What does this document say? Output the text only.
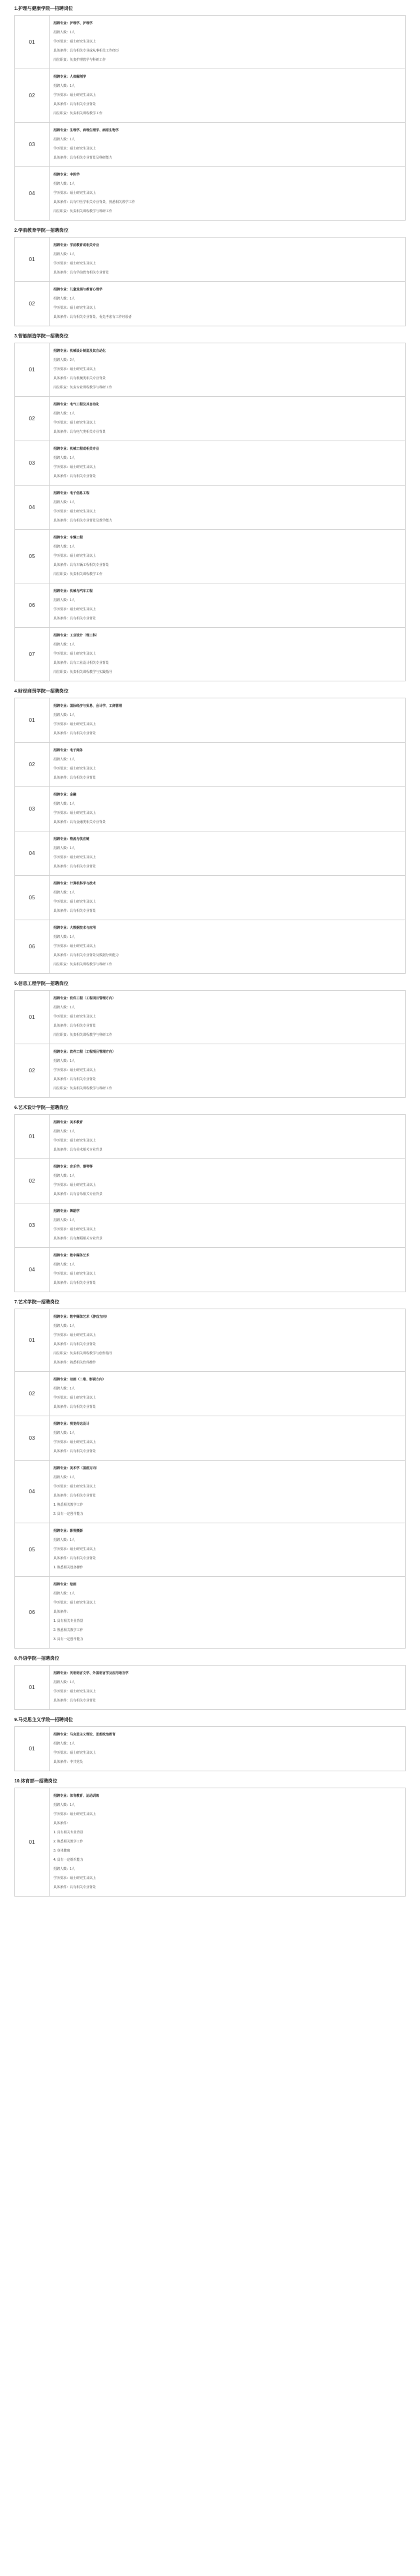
1.护理与健康学院—招聘岗位
01
招聘专业：护理学、护理学
招聘人数：1人
学历要求：硕士研究生及以上
具体条件：具有相关专业或从事相关工作经历
岗位职责：负责护理教学与科研工作
02
招聘专业：人体解剖学
招聘人数：1人
学历要求：硕士研究生及以上
具体条件：具有相关专业背景
岗位职责：负责相关课程教学工作
03
招聘专业：生理学、病理生理学、病原生物学
招聘人数：1人
学历要求：硕士研究生及以上
具体条件：具有相关专业背景及科研能力
04
招聘专业：中医学
招聘人数：1人
学历要求：硕士研究生及以上
具体条件：具有中医学相关专业背景，熟悉相关教学工作
岗位职责：负责相关课程教学与科研工作
2.学前教育学院—招聘岗位
01
招聘专业：学前教育或相关专业
招聘人数：1人
学历要求：硕士研究生及以上
具体条件：具有学前教育相关专业背景
02
招聘专业：儿童发展与教育心理学
招聘人数：1人
学历要求：硕士研究生及以上
具体条件：具有相关专业背景，优先考虑有工作经验者
3.智能制造学院—招聘岗位
01
招聘专业：机械设计制造及其自动化
招聘人数：2人
学历要求：硕士研究生及以上
具体条件：具有机械类相关专业背景
岗位职责：负责专业课程教学与科研工作
02
招聘专业：电气工程及其自动化
招聘人数：1人
学历要求：硕士研究生及以上
具体条件：具有电气类相关专业背景
03
招聘专业：机械工程或相关专业
招聘人数：1人
学历要求：硕士研究生及以上
具体条件：具有相关专业背景
04
招聘专业：电子信息工程
招聘人数：1人
学历要求：硕士研究生及以上
具体条件：具有相关专业背景及教学能力
05
招聘专业：车辆工程
招聘人数：1人
学历要求：硕士研究生及以上
具体条件：具有车辆工程相关专业背景
岗位职责：负责相关课程教学工作
06
招聘专业：机械与汽车工程
招聘人数：1人
学历要求：硕士研究生及以上
具体条件：具有相关专业背景
07
招聘专业：工业设计（理工科）
招聘人数：1人
学历要求：硕士研究生及以上
具体条件：具有工业设计相关专业背景
岗位职责：负责相关课程教学与实践指导
4.财经商贸学院—招聘岗位
01
招聘专业：国际经济与贸易、会计学、工商管理
招聘人数：1人
学历要求：硕士研究生及以上
具体条件：具有相关专业背景
02
招聘专业：电子商务
招聘人数：1人
学历要求：硕士研究生及以上
具体条件：具有相关专业背景
03
招聘专业：金融
招聘人数：1人
学历要求：硕士研究生及以上
具体条件：具有金融类相关专业背景
04
招聘专业：物流与供应链
招聘人数：1人
学历要求：硕士研究生及以上
具体条件：具有相关专业背景
05
招聘专业：计算机科学与技术
招聘人数：1人
学历要求：硕士研究生及以上
具体条件：具有相关专业背景
06
招聘专业：大数据技术与应用
招聘人数：1人
学历要求：硕士研究生及以上
具体条件：具有相关专业背景及数据分析能力
岗位职责：负责相关课程教学与科研工作
5.信息工程学院—招聘岗位
01
招聘专业：软件工程（工程项目管理方向）
招聘人数：1人
学历要求：硕士研究生及以上
具体条件：具有相关专业背景
岗位职责：负责相关课程教学与科研工作
02
招聘专业：软件工程（工程项目管理方向）
招聘人数：1人
学历要求：硕士研究生及以上
具体条件：具有相关专业背景
岗位职责：负责相关课程教学与科研工作
6.艺术设计学院—招聘岗位
01
招聘专业：美术教育
招聘人数：1人
学历要求：硕士研究生及以上
具体条件：具有美术相关专业背景
02
招聘专业：音乐学、钢琴等
招聘人数：1人
学历要求：硕士研究生及以上
具体条件：具有音乐相关专业背景
03
招聘专业：舞蹈学
招聘人数：1人
学历要求：硕士研究生及以上
具体条件：具有舞蹈相关专业背景
04
招聘专业：数字媒体艺术
招聘人数：1人
学历要求：硕士研究生及以上
具体条件：具有相关专业背景
7.艺术学院—招聘岗位
01
招聘专业：数字媒体艺术（游戏方向）
招聘人数：1人
学历要求：硕士研究生及以上
具体条件：具有相关专业背景
岗位职责：负责相关课程教学与创作指导
具体条件：熟悉相关软件操作
02
招聘专业：动画（二维、影视方向）
招聘人数：1人
学历要求：硕士研究生及以上
具体条件：具有相关专业背景
03
招聘专业：视觉传达设计
招聘人数：1人
学历要求：硕士研究生及以上
具体条件：具有相关专业背景
04
招聘专业：美术学（国画方向）
招聘人数：1人
学历要求：硕士研究生及以上
具体条件：具有相关专业背景
1. 熟悉相关教学工作
2. 具有一定创作能力
05
招聘专业：影视摄影
招聘人数：1人
学历要求：硕士研究生及以上
具体条件：具有相关专业背景
1. 熟悉相关设备操作
06
招聘专业：绘画
招聘人数：1人
学历要求：硕士研究生及以上
具体条件：
1. 具有相关专业背景
2. 熟悉相关教学工作
3. 具有一定创作能力
8.外语学院—招聘岗位
01
招聘专业：英语语言文学、外国语言学及应用语言学
招聘人数：1人
学历要求：硕士研究生及以上
具体条件：具有相关专业背景
9.马克思主义学院—招聘岗位
01
招聘专业：马克思主义理论、思想政治教育
招聘人数：1人
学历要求：硕士研究生及以上
具体条件：中共党员
10.体育部—招聘岗位
01
招聘专业：体育教育、运动训练
招聘人数：1人
学历要求：硕士研究生及以上
具体条件：
1. 具有相关专业背景
2. 熟悉相关教学工作
3. 身体健康
4. 具有一定组织能力
招聘人数：1人
学历要求：硕士研究生及以上
具体条件：具有相关专业背景
